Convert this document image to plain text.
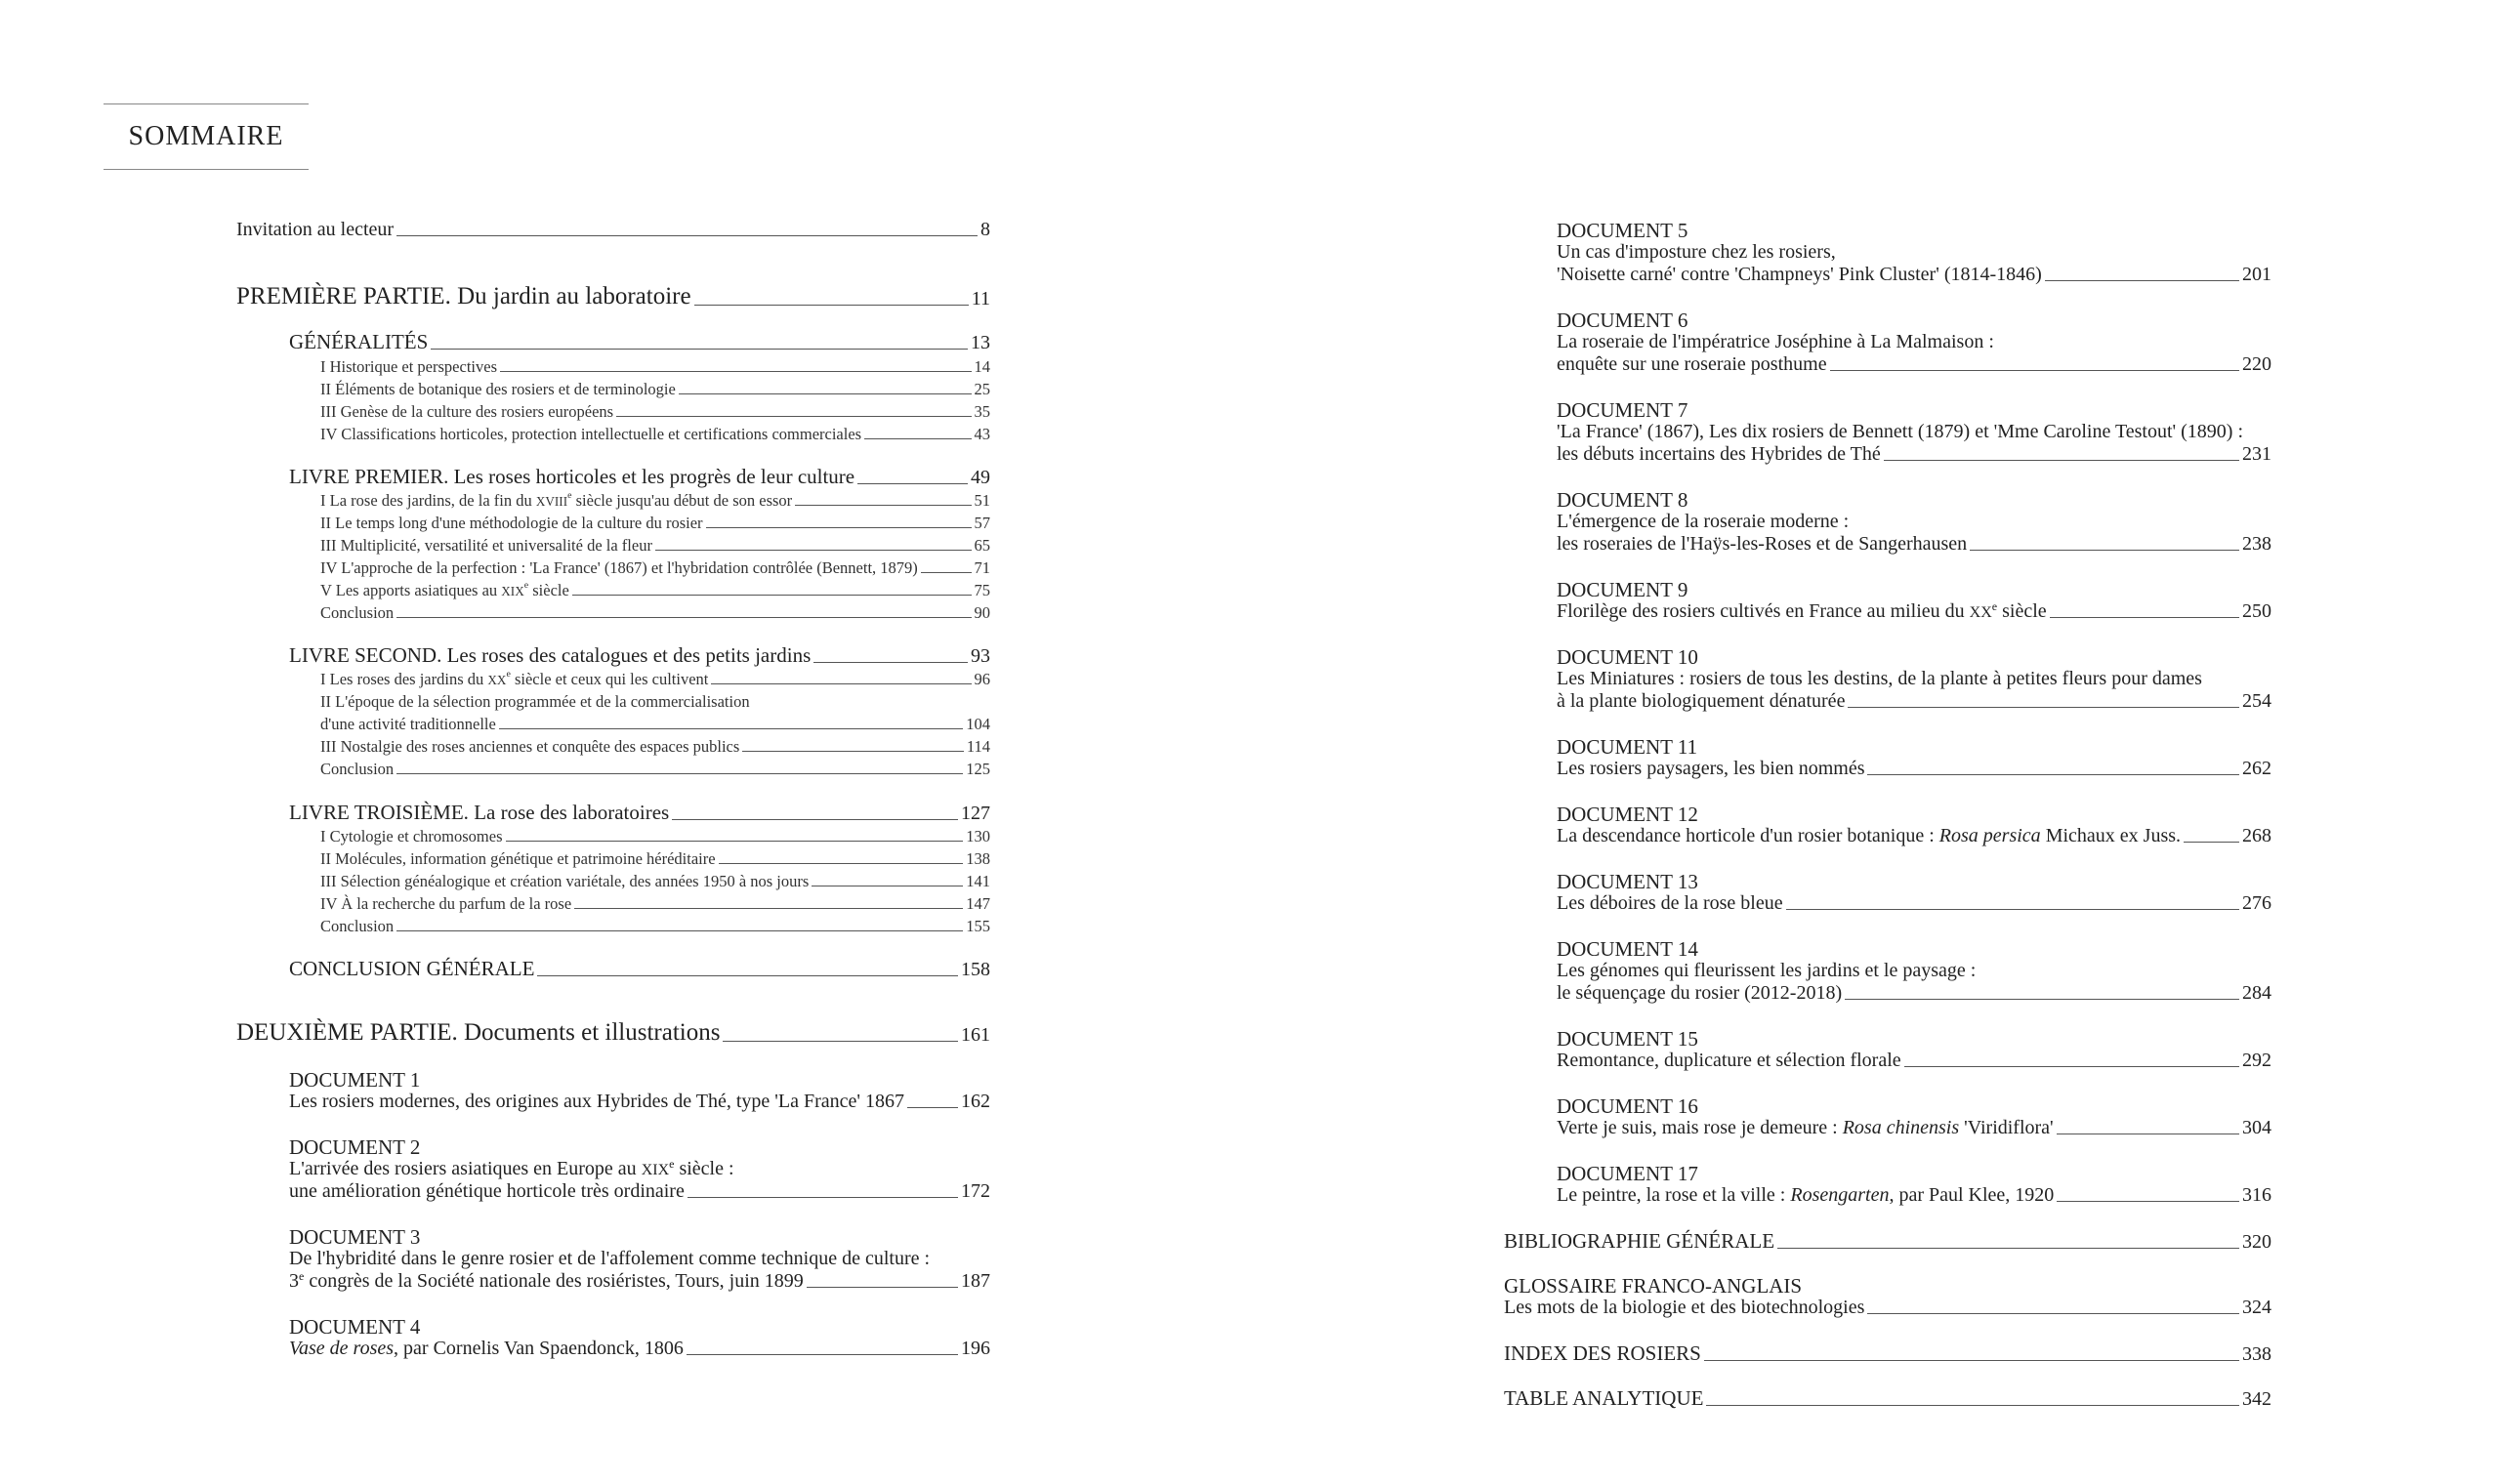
SOMMAIRE
Invitation au lecteur	8
PREMIÈRE PARTIE. Du jardin au laboratoire	11
GÉNÉRALITÉS	13
I Historique et perspectives	14
II Éléments de botanique des rosiers et de terminologie	25
III Genèse de la culture des rosiers européens	35
IV Classifications horticoles, protection intellectuelle et certifications commerciales	43
LIVRE PREMIER. Les roses horticoles et les progrès de leur culture	49
I La rose des jardins, de la fin du XVIIIe siècle jusqu'au début de son essor	51
II Le temps long d'une méthodologie de la culture du rosier	57
III Multiplicité, versatilité et universalité de la fleur	65
IV L'approche de la perfection : 'La France' (1867) et l'hybridation contrôlée (Bennett, 1879)	71
V Les apports asiatiques au XIXe siècle	75
Conclusion	90
LIVRE SECOND. Les roses des catalogues et des petits jardins	93
I Les roses des jardins du XXe siècle et ceux qui les cultivent	96
II L'époque de la sélection programmée et de la commercialisation
d'une activité traditionnelle	104
III Nostalgie des roses anciennes et conquête des espaces publics	114
Conclusion	125
LIVRE TROISIÈME. La rose des laboratoires	127
I Cytologie et chromosomes	130
II Molécules, information génétique et patrimoine héréditaire	138
III Sélection généalogique et création variétale, des années 1950 à nos jours	141
IV À la recherche du parfum de la rose	147
Conclusion	155
CONCLUSION GÉNÉRALE	158
DEUXIÈME PARTIE. Documents et illustrations	161
DOCUMENT 1
Les rosiers modernes, des origines aux Hybrides de Thé, type 'La France' 1867	162
DOCUMENT 2
L'arrivée des rosiers asiatiques en Europe au XIXe siècle :
une amélioration génétique horticole très ordinaire	172
DOCUMENT 3
De l'hybridité dans le genre rosier et de l'affolement comme technique de culture :
3e congrès de la Société nationale des rosiéristes, Tours, juin 1899	187
DOCUMENT 4
Vase de roses, par Cornelis Van Spaendonck, 1806	196
DOCUMENT 5
Un cas d'imposture chez les rosiers,
'Noisette carné' contre 'Champneys' Pink Cluster' (1814-1846)	201
DOCUMENT 6
La roseraie de l'impératrice Joséphine à La Malmaison :
enquête sur une roseraie posthume	220
DOCUMENT 7
'La France' (1867), Les dix rosiers de Bennett (1879) et 'Mme Caroline Testout' (1890) :
les débuts incertains des Hybrides de Thé	231
DOCUMENT 8
L'émergence de la roseraie moderne :
les roseraies de l'Haÿs-les-Roses et de Sangerhausen	238
DOCUMENT 9
Florilège des rosiers cultivés en France au milieu du XXe siècle	250
DOCUMENT 10
Les Miniatures : rosiers de tous les destins, de la plante à petites fleurs pour dames
à la plante biologiquement dénaturée	254
DOCUMENT 11
Les rosiers paysagers, les bien nommés	262
DOCUMENT 12
La descendance horticole d'un rosier botanique : Rosa persica Michaux ex Juss.	268
DOCUMENT 13
Les déboires de la rose bleue	276
DOCUMENT 14
Les génomes qui fleurissent les jardins et le paysage :
le séquençage du rosier (2012-2018)	284
DOCUMENT 15
Remontance, duplicature et sélection florale	292
DOCUMENT 16
Verte je suis, mais rose je demeure : Rosa chinensis 'Viridiflora'	304
DOCUMENT 17
Le peintre, la rose et la ville : Rosengarten, par Paul Klee, 1920	316
BIBLIOGRAPHIE GÉNÉRALE	320
GLOSSAIRE FRANCO-ANGLAIS
Les mots de la biologie et des biotechnologies	324
INDEX DES ROSIERS	338
TABLE ANALYTIQUE	342
